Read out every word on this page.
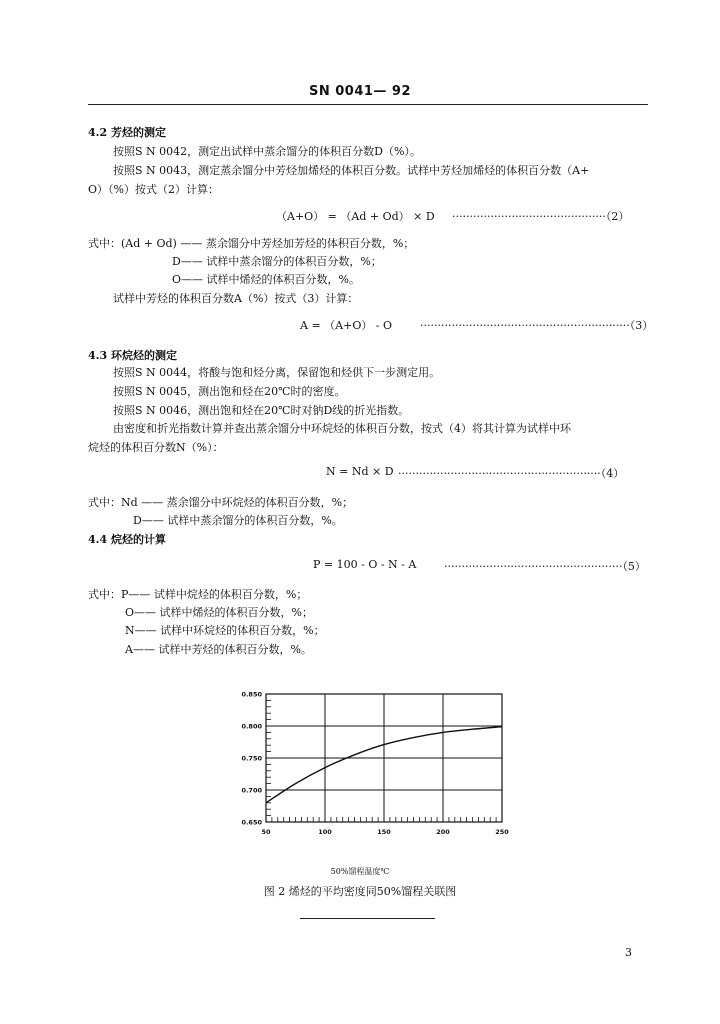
SN 0041— 92
4.2 芳烃的测定
按照S N 0042，测定出试样中蒸余馏分的体积百分数D（%）。
按照S N 0043，测定蒸余馏分中芳烃加烯烃的体积百分数。试样中芳烃加烯烃的体积百分数（A+
O）（%）按式（2）计算：
（A+O） = （Ad + Od） × D ············································（2）
式中：(Ad + Od) —— 蒸余馏分中芳烃加芳烃的体积百分数，%；
D—— 试样中蒸余馏分的体积百分数，%；
O—— 试样中烯烃的体积百分数，%。
试样中芳烃的体积百分数A（%）按式（3）计算：
A = （A+O） - O	····························································（3）
4.3 环烷烃的测定
按照S N 0044，将酸与饱和烃分离，保留饱和烃供下一步测定用。
按照S N 0045，测出饱和烃在20℃时的密度。
按照S N 0046，测出饱和烃在20℃时对钠D线的折光指数。
由密度和折光指数计算并查出蒸余馏分中环烷烃的体积百分数，按式（4）将其计算为试样中环
烷烃的体积百分数N（%）：
N = Nd × D ··························································（4）
式中：Nd —— 蒸余馏分中环烷烃的体积百分数，%；
D—— 试样中蒸余馏分的体积百分数，%。
4.4 烷烃的计算
P = 100 - O - N - A	···················································（5）
式中：P—— 试样中烷烃的体积百分数，%；
O—— 试样中烯烃的体积百分数，%；
N—— 试样中环烷烃的体积百分数，%；
A—— 试样中芳烃的体积百分数，%。
50	100	150	200	250
0.650
0.700
0.750
0.800
0.850
50%馏程温度℃
图 2 烯烃的平均密度同50%馏程关联图
3
